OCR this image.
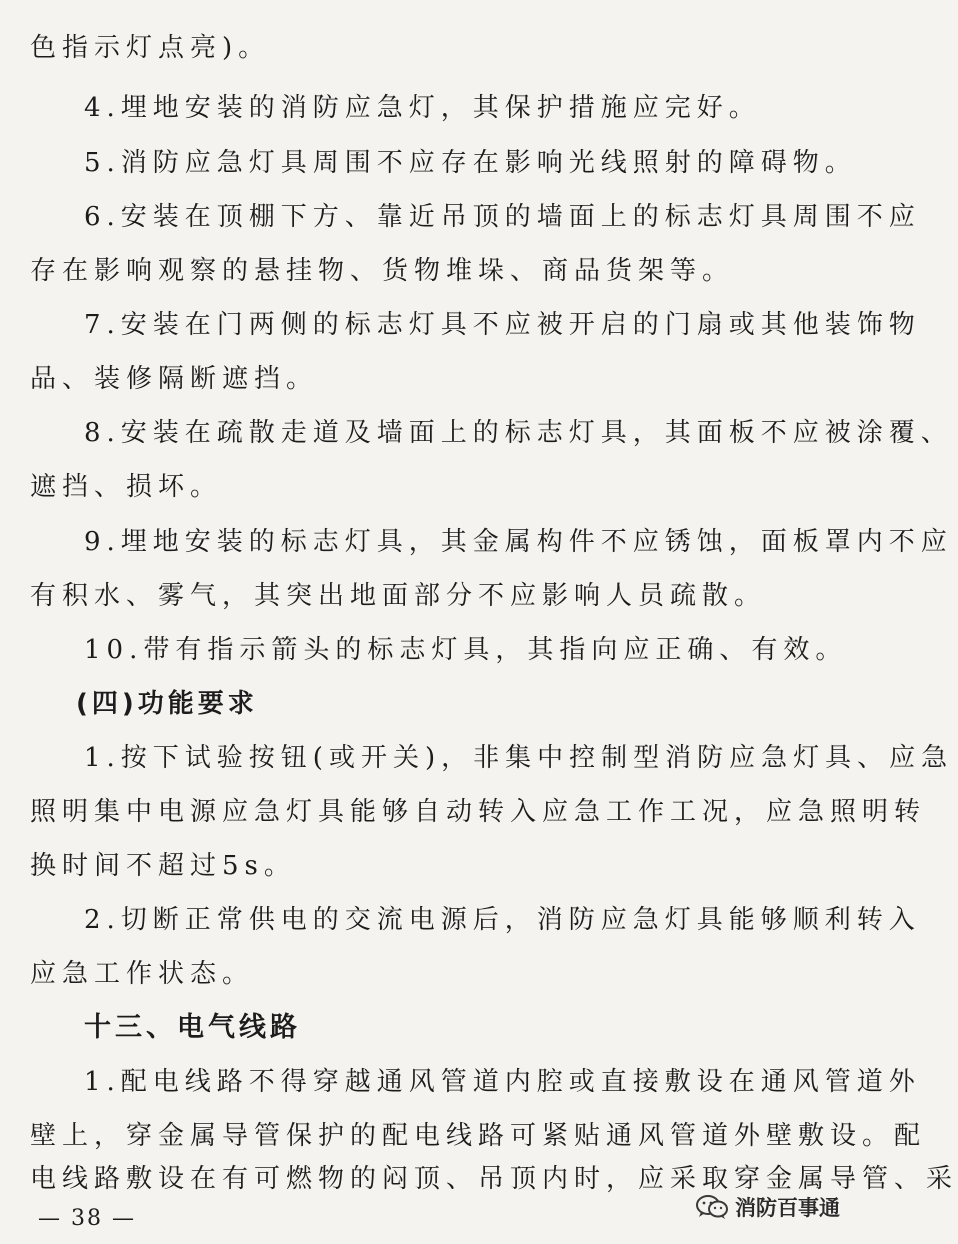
色指示灯点亮)。
4.埋地安装的消防应急灯，其保护措施应完好。
5.消防应急灯具周围不应存在影响光线照射的障碍物。
6.安装在顶棚下方、靠近吊顶的墙面上的标志灯具周围不应
存在影响观察的悬挂物、货物堆垛、商品货架等。
7.安装在门两侧的标志灯具不应被开启的门扇或其他装饰物
品、装修隔断遮挡。
8.安装在疏散走道及墙面上的标志灯具，其面板不应被涂覆、
遮挡、损坏。
9.埋地安装的标志灯具，其金属构件不应锈蚀，面板罩内不应
有积水、雾气，其突出地面部分不应影响人员疏散。
10.带有指示箭头的标志灯具，其指向应正确、有效。
(四)功能要求
1.按下试验按钮(或开关)，非集中控制型消防应急灯具、应急
照明集中电源应急灯具能够自动转入应急工作工况，应急照明转
换时间不超过5s。
2.切断正常供电的交流电源后，消防应急灯具能够顺利转入
应急工作状态。
十三、电气线路
1.配电线路不得穿越通风管道内腔或直接敷设在通风管道外
壁上，穿金属导管保护的配电线路可紧贴通风管道外壁敷设。配
电线路敷设在有可燃物的闷顶、吊顶内时，应采取穿金属导管、采
— 38 —	消防百事通
